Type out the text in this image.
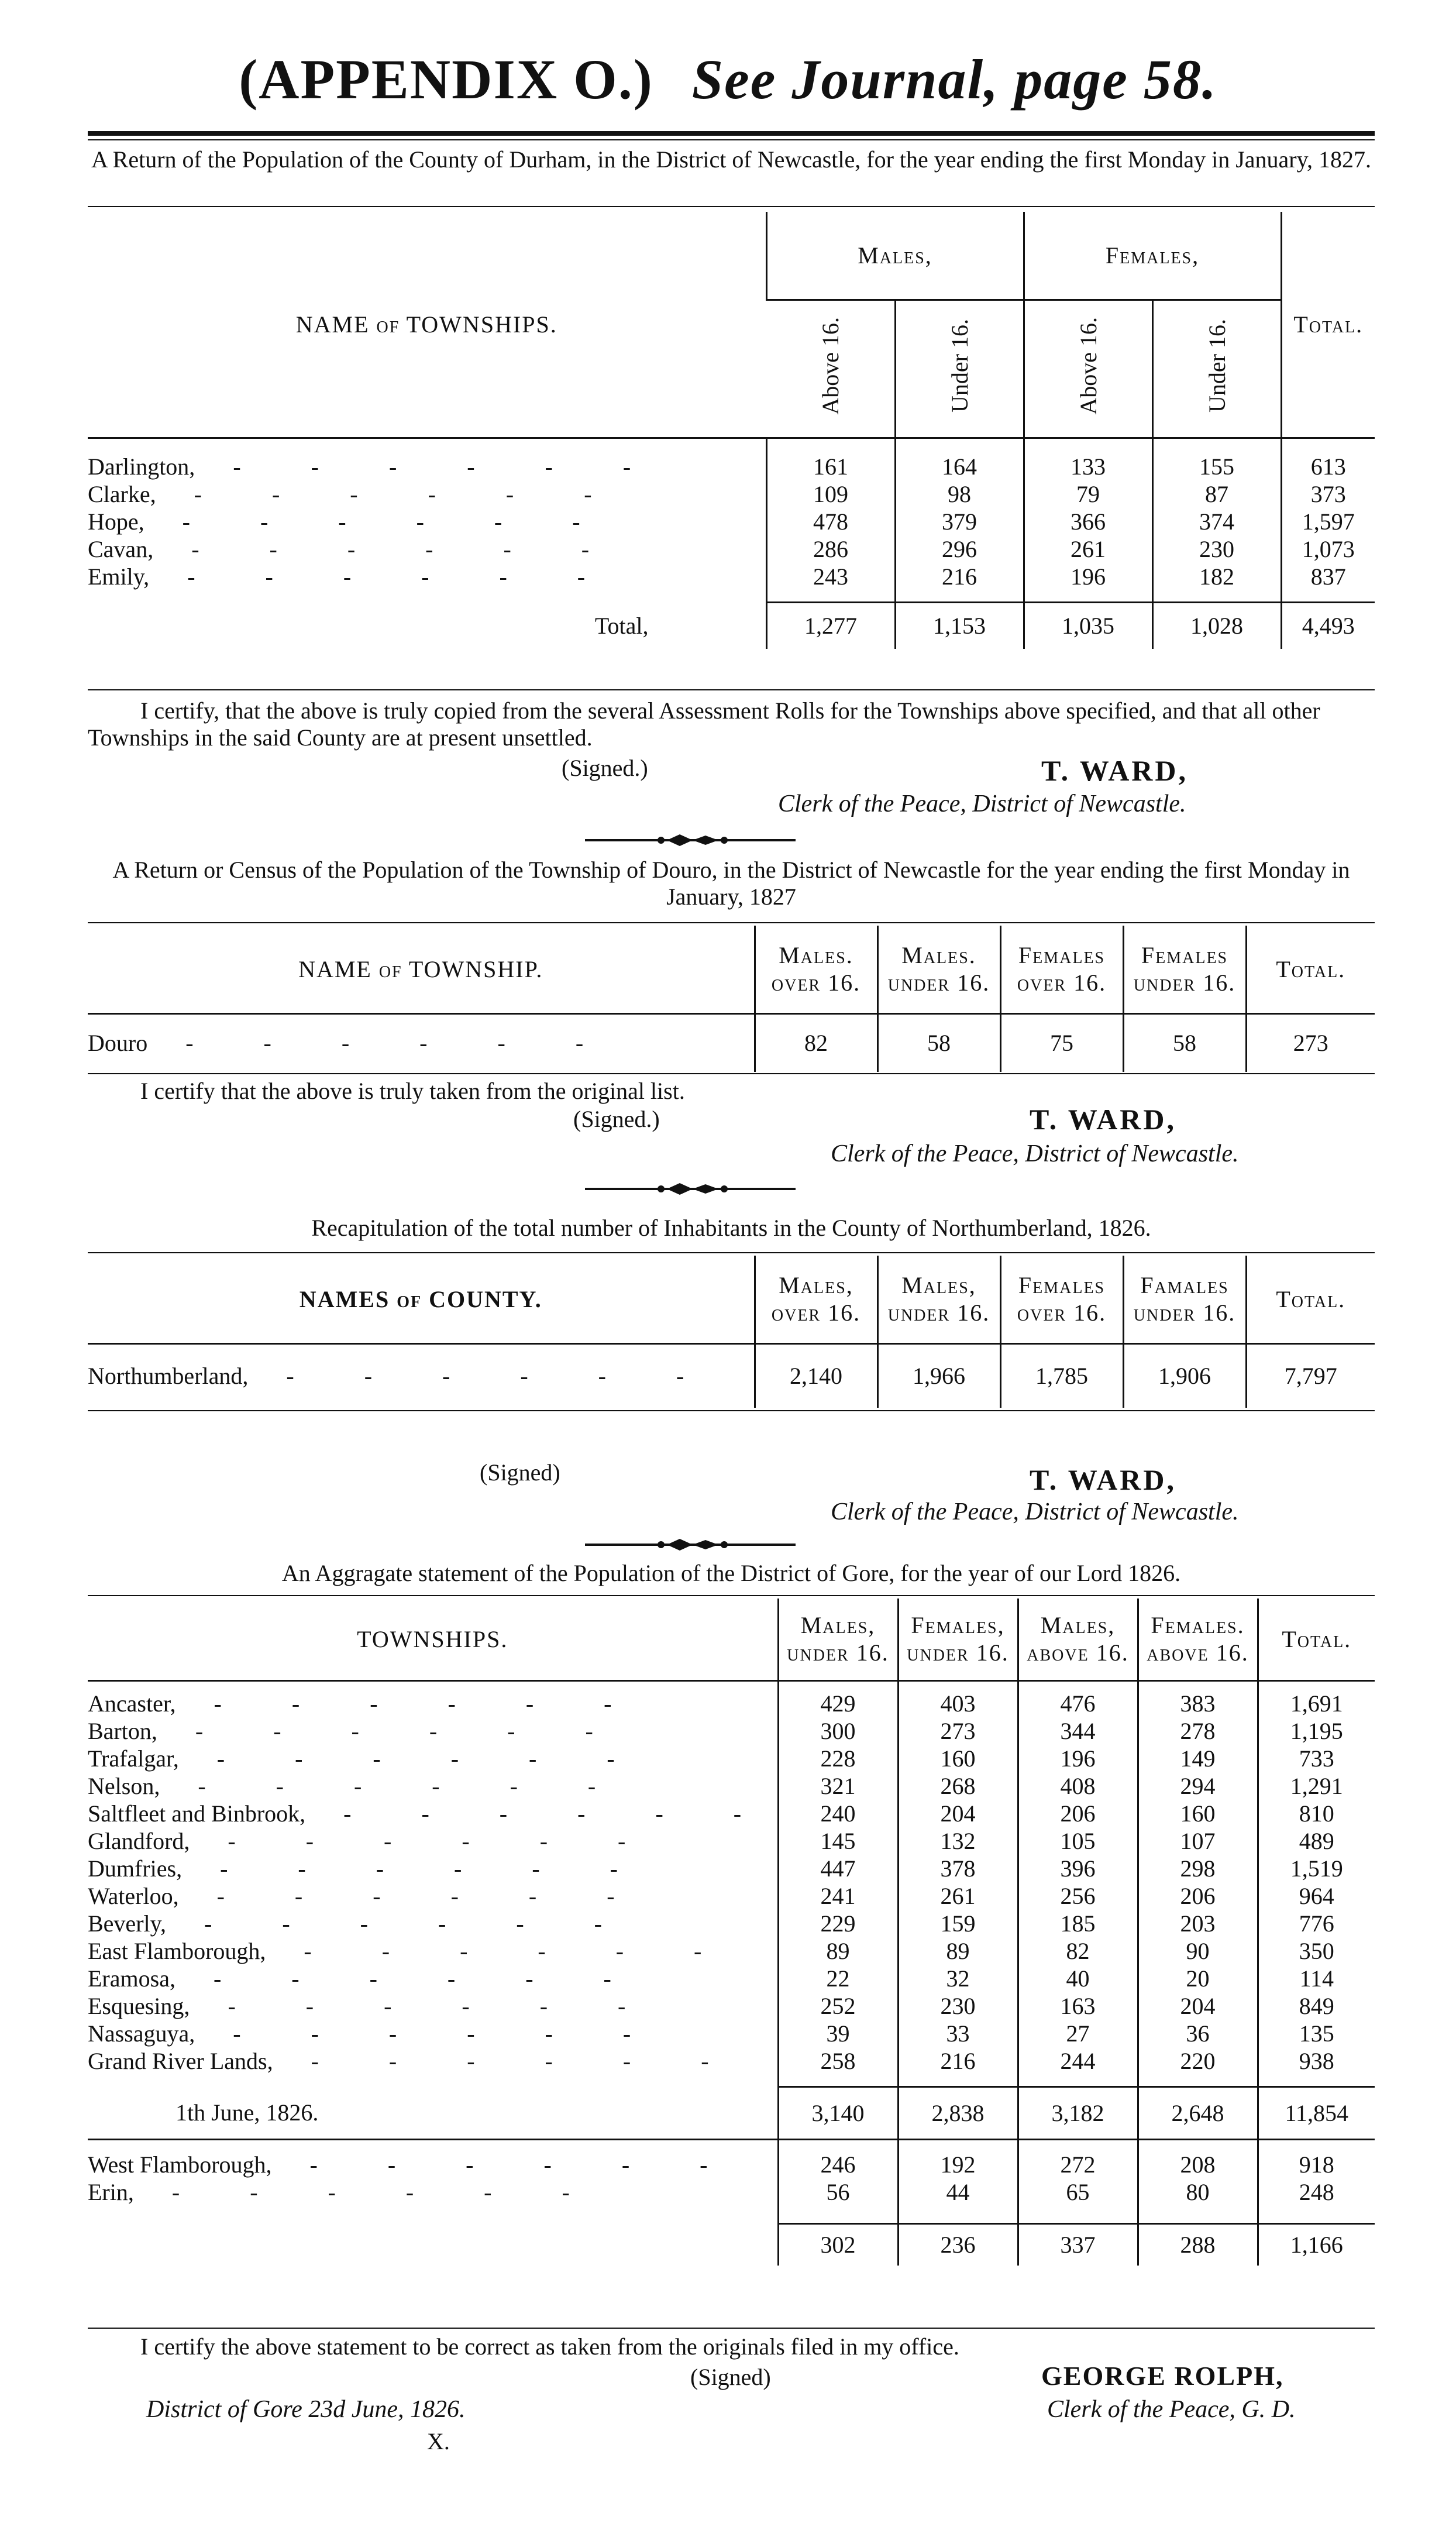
(APPENDIX O.) See Journal, page 58.
A Return of the Population of the County of Durham, in the District of Newcastle, for the year ending the first Monday in January, 1827.
NAME of TOWNSHIPS.	Males,		Females,		Total.
	Above 16.	Under 16.	Above 16.	Under 16.	

Darlington, - - - - - -	161	164	133	155	613
Clarke, - - - - - -	109	98	79	87	373
Hope, - - - - - -	478	379	366	374	1,597
Cavan, - - - - - -	286	296	261	230	1,073
Emily, - - - - - -	243	216	196	182	837

Total,	1,277	1,153	1,035	1,028	4,493
I certify, that the above is truly copied from the several Assessment Rolls for the Townships above specified, and that all other Townships in the said County are at present unsettled.
(Signed.)	T. WARD,
Clerk of the Peace, District of Newcastle.
A Return or Census of the Population of the Township of Douro, in the District of Newcastle for the year ending the first Monday in January, 1827
NAME of TOWNSHIP.	Males. over 16.	Males. under 16.	Females over 16.	Females under 16.	Total.
Douro - - - - - -	82	58	75	58	273
I certify that the above is truly taken from the original list.
(Signed.)	T. WARD,
Clerk of the Peace, District of Newcastle.
Recapitulation of the total number of Inhabitants in the County of Northumberland, 1826.
NAMES of COUNTY.	Males, over 16.	Males, under 16.	Females over 16.	Famales under 16.	Total.
Northumberland, - - - - - -	2,140	1,966	1,785	1,906	7,797
(Signed)	T. WARD,
Clerk of the Peace, District of Newcastle.
An Aggragate statement of the Population of the District of Gore, for the year of our Lord 1826.
TOWNSHIPS.	Males, under 16.	Females, under 16.	Males, above 16.	Females. above 16.	Total.

Ancaster, - - - - - -	429	403	476	383	1,691
Barton, - - - - - -	300	273	344	278	1,195
Trafalgar, - - - - - -	228	160	196	149	733
Nelson, - - - - - -	321	268	408	294	1,291
Saltfleet and Binbrook, - - - - - -	240	204	206	160	810
Glandford, - - - - - -	145	132	105	107	489
Dumfries, - - - - - -	447	378	396	298	1,519
Waterloo, - - - - - -	241	261	256	206	964
Beverly, - - - - - -	229	159	185	203	776
East Flamborough, - - - - - -	89	89	82	90	350
Eramosa, - - - - - -	22	32	40	20	114
Esquesing, - - - - - -	252	230	163	204	849
Nassaguya, - - - - - -	39	33	27	36	135
Grand River Lands, - - - - - -	258	216	244	220	938

1th June, 1826.	3,140	2,838	3,182	2,648	11,854

West Flamborough, - - - - - -	246	192	272	208	918
Erin, - - - - - -	56	44	65	80	248

	302	236	337	288	1,166
I certify the above statement to be correct as taken from the originals filed in my office.
(Signed)	GEORGE ROLPH,
Clerk of the Peace, G. D.
District of Gore 23d June, 1826.
X.
